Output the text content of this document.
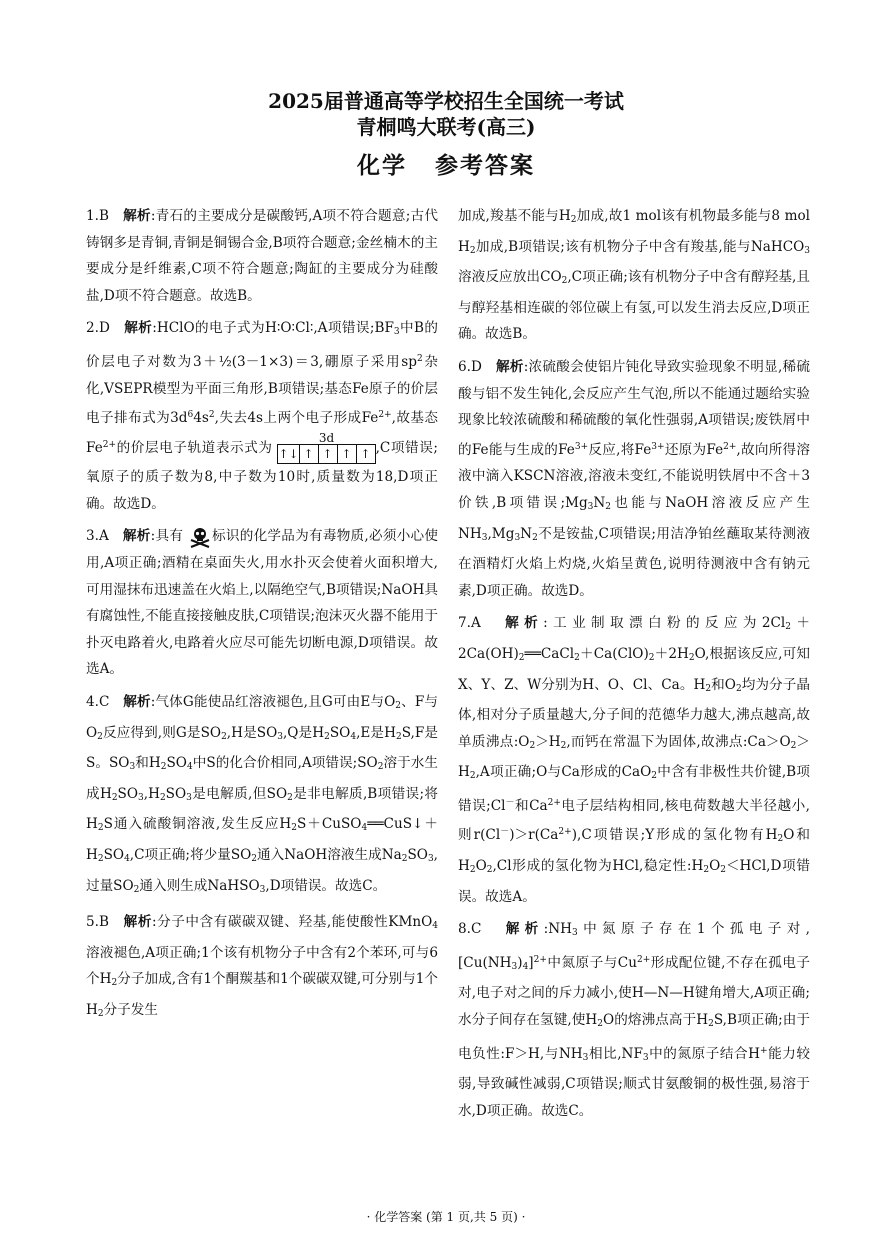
2025届普通高等学校招生全国统一考试

青桐鸣大联考(高三)

化学 参考答案

1.B　解析:青石的主要成分是碳酸钙,A项不符合题意;古代铸钢多是青铜,青铜是铜锡合金,B项符合题意;金丝楠木的主要成分是纤维素,C项不符合题意;陶缸的主要成分为硅酸盐,D项不符合题意。故选B。
2.D　解析:HClO的电子式为H∶O∶Cl∶,A项错误$;BF_3$中B的价层电子对数为3＋½(3－1×3)＝3,硼原子采用$sp^2$杂化,VSEPR模型为平面三角形,B项错误;基态Fe原子的价层电子排布式为$3d^64s^2$,失去4s上两个电子形成$Fe^{2+}$,故基态$Fe^{2+}$的价层电子轨道表示式为
3d
↑↓	↑	↑	↑	↑ ,C项错误;氧原子的质子数为8,中子数为10时,质量数为18,D项正确。故选D。
3.A　解析:具有 标识的化学品为有毒物质,必须小心使用,A项正确;酒精在桌面失火,用水扑灭会使着火面积增大,可用湿抹布迅速盖在火焰上,以隔绝空气,B项错误;NaOH具有腐蚀性,不能直接接触皮肤,C项错误;泡沫灭火器不能用于扑灭电路着火,电路着火应尽可能先切断电源,D项错误。故选A。
4.C　解析:气体G能使品红溶液褪色,且G可由E与$O_2$、F与$O_2$反应得到,则G是$SO_2,H$是$SO_3,Q$是$H_2SO_4,E$是$H_2S,F$是S。$SO_3$和$H_2SO_4$中S的化合价相同,A项错误$;SO_2$溶于水生成$H_2SO_3,H_2SO_3$是电解质,但$SO_2$是非电解质,B项错误;将$H_2S$通入硫酸铜溶液,发生反应$H_2S+CuSO_4══CuS↓+H_2SO_4,C$项正确;将少量$SO_2$通入NaOH溶液生成$Na_2SO_3$,过量$SO_2$通入则生成NaHSO$_3$,D项错误。故选C。
5.B　解析:分子中含有碳碳双键、羟基,能使酸性KMnO$_4$溶液褪色,A项正确;1个该有机物分子中含有2个苯环,可与6个$H_2$分子加成,含有1个酮羰基和1个碳碳双键,可分别与1个$H_2$分子发生
加成,羧基不能与$H_2$加成,故1 mol该有机物最多能与8 mol $H_2$加成,B项错误;该有机物分子中含有羧基,能与NaHCO$_3$溶液反应放出$CO_2,C$项正确;该有机物分子中含有醇羟基,且与醇羟基相连碳的邻位碳上有氢,可以发生消去反应,D项正确。故选B。
6.D　解析:浓硫酸会使铝片钝化导致实验现象不明显,稀硫酸与铝不发生钝化,会反应产生气泡,所以不能通过题给实验现象比较浓硫酸和稀硫酸的氧化性强弱,A项错误;废铁屑中的Fe能与生成的$Fe^{3+}$反应,将$Fe^{3+}$还原为$Fe^{2+}$,故向所得溶液中滴入KSCN溶液,溶液未变红,不能说明铁屑中不含＋3价铁,B项错误$;Mg_3N_2$也能与NaOH溶液反应产生$NH_3,Mg_3N_2$不是铵盐,C项错误;用洁净铂丝蘸取某待测液在酒精灯火焰上灼烧,火焰呈黄色,说明待测液中含有钠元素,D项正确。故选D。
7.A　解析:工业制取漂白粉的反应为$2Cl_2+2Ca(OH)_2══CaCl_2+Ca(ClO)_2+2H_2O$,根据该反应,可知X、Y、Z、W分别为H、O、Cl、Ca。$H_2$和$O_2$均为分子晶体,相对分子质量越大,分子间的范德华力越大,沸点越高,故单质沸点$:O_2>H_2$,而钙在常温下为固体,故沸点$:Ca>O_2>H_2,A$项正确;O与Ca形成的CaO$_2$中含有非极性共价键,B项错误;Cl－和$Ca^{2+}$电子层结构相同,核电荷数越大半径越小,则$r(Cl^-)>r(Ca^{2+}),C$项错误;Y形成的氢化物有$H_2O$和$H_2O_2,Cl$形成的氢化物为HCl,稳定性$:H_2O_2<HCl,D$项错误。故选A。
8.C　解析$:NH_3$中氮原子存在1个孤电子对$,[Cu(NH_3)_4]^{2+}$中氮原子与$Cu^{2+}$形成配位键,不存在孤电子对,电子对之间的斥力减小,使H—N—H键角增大,A项正确;水分子间存在氢键,使$H_2O$的熔沸点高于$H_2S,B$项正确;由于电负性:F＞H,与$NH_3$相比$,NF_3$中的氮原子结合H+能力较弱,导致碱性减弱,C项错误;顺式甘氨酸铜的极性强,易溶于水,D项正确。故选C。
· 化学答案 (第 1 页,共 5 页) ·
